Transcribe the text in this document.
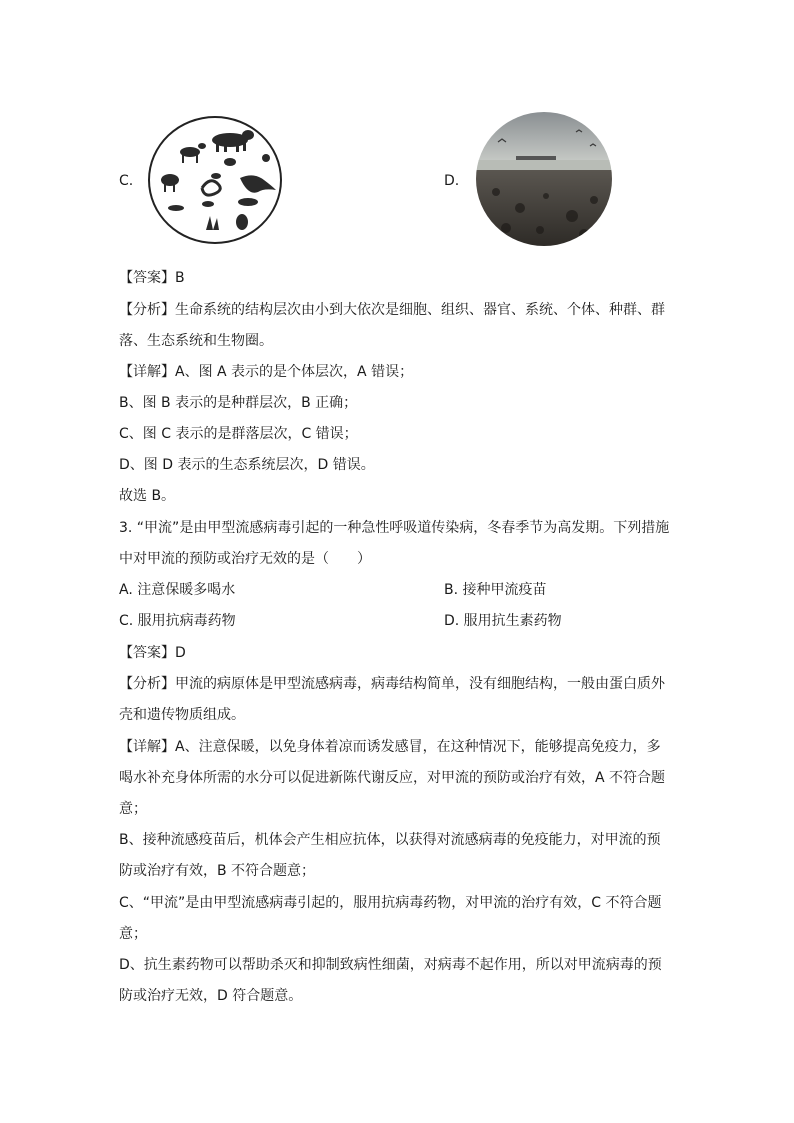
C.	D.
【答案】B
【分析】生命系统的结构层次由小到大依次是细胞、组织、器官、系统、个体、种群、群
落、生态系统和生物圈。
【详解】A、图 A 表示的是个体层次，A 错误；
B、图 B 表示的是种群层次，B 正确；
C、图 C 表示的是群落层次，C 错误；
D、图 D 表示的生态系统层次，D 错误。
故选 B。
3. “甲流”是由甲型流感病毒引起的一种急性呼吸道传染病，冬春季节为高发期。下列措施
中对甲流的预防或治疗无效的是（　　）
A. 注意保暖多喝水	B. 接种甲流疫苗
C. 服用抗病毒药物	D. 服用抗生素药物
【答案】D
【分析】甲流的病原体是甲型流感病毒，病毒结构简单，没有细胞结构，一般由蛋白质外
壳和遗传物质组成。
【详解】A、注意保暖，以免身体着凉而诱发感冒，在这种情况下，能够提高免疫力，多
喝水补充身体所需的水分可以促进新陈代谢反应，对甲流的预防或治疗有效，A 不符合题
意；
B、接种流感疫苗后，机体会产生相应抗体，以获得对流感病毒的免疫能力，对甲流的预
防或治疗有效，B 不符合题意；
C、“甲流”是由甲型流感病毒引起的，服用抗病毒药物，对甲流的治疗有效，C 不符合题
意；
D、抗生素药物可以帮助杀灭和抑制致病性细菌，对病毒不起作用，所以对甲流病毒的预
防或治疗无效，D 符合题意。
